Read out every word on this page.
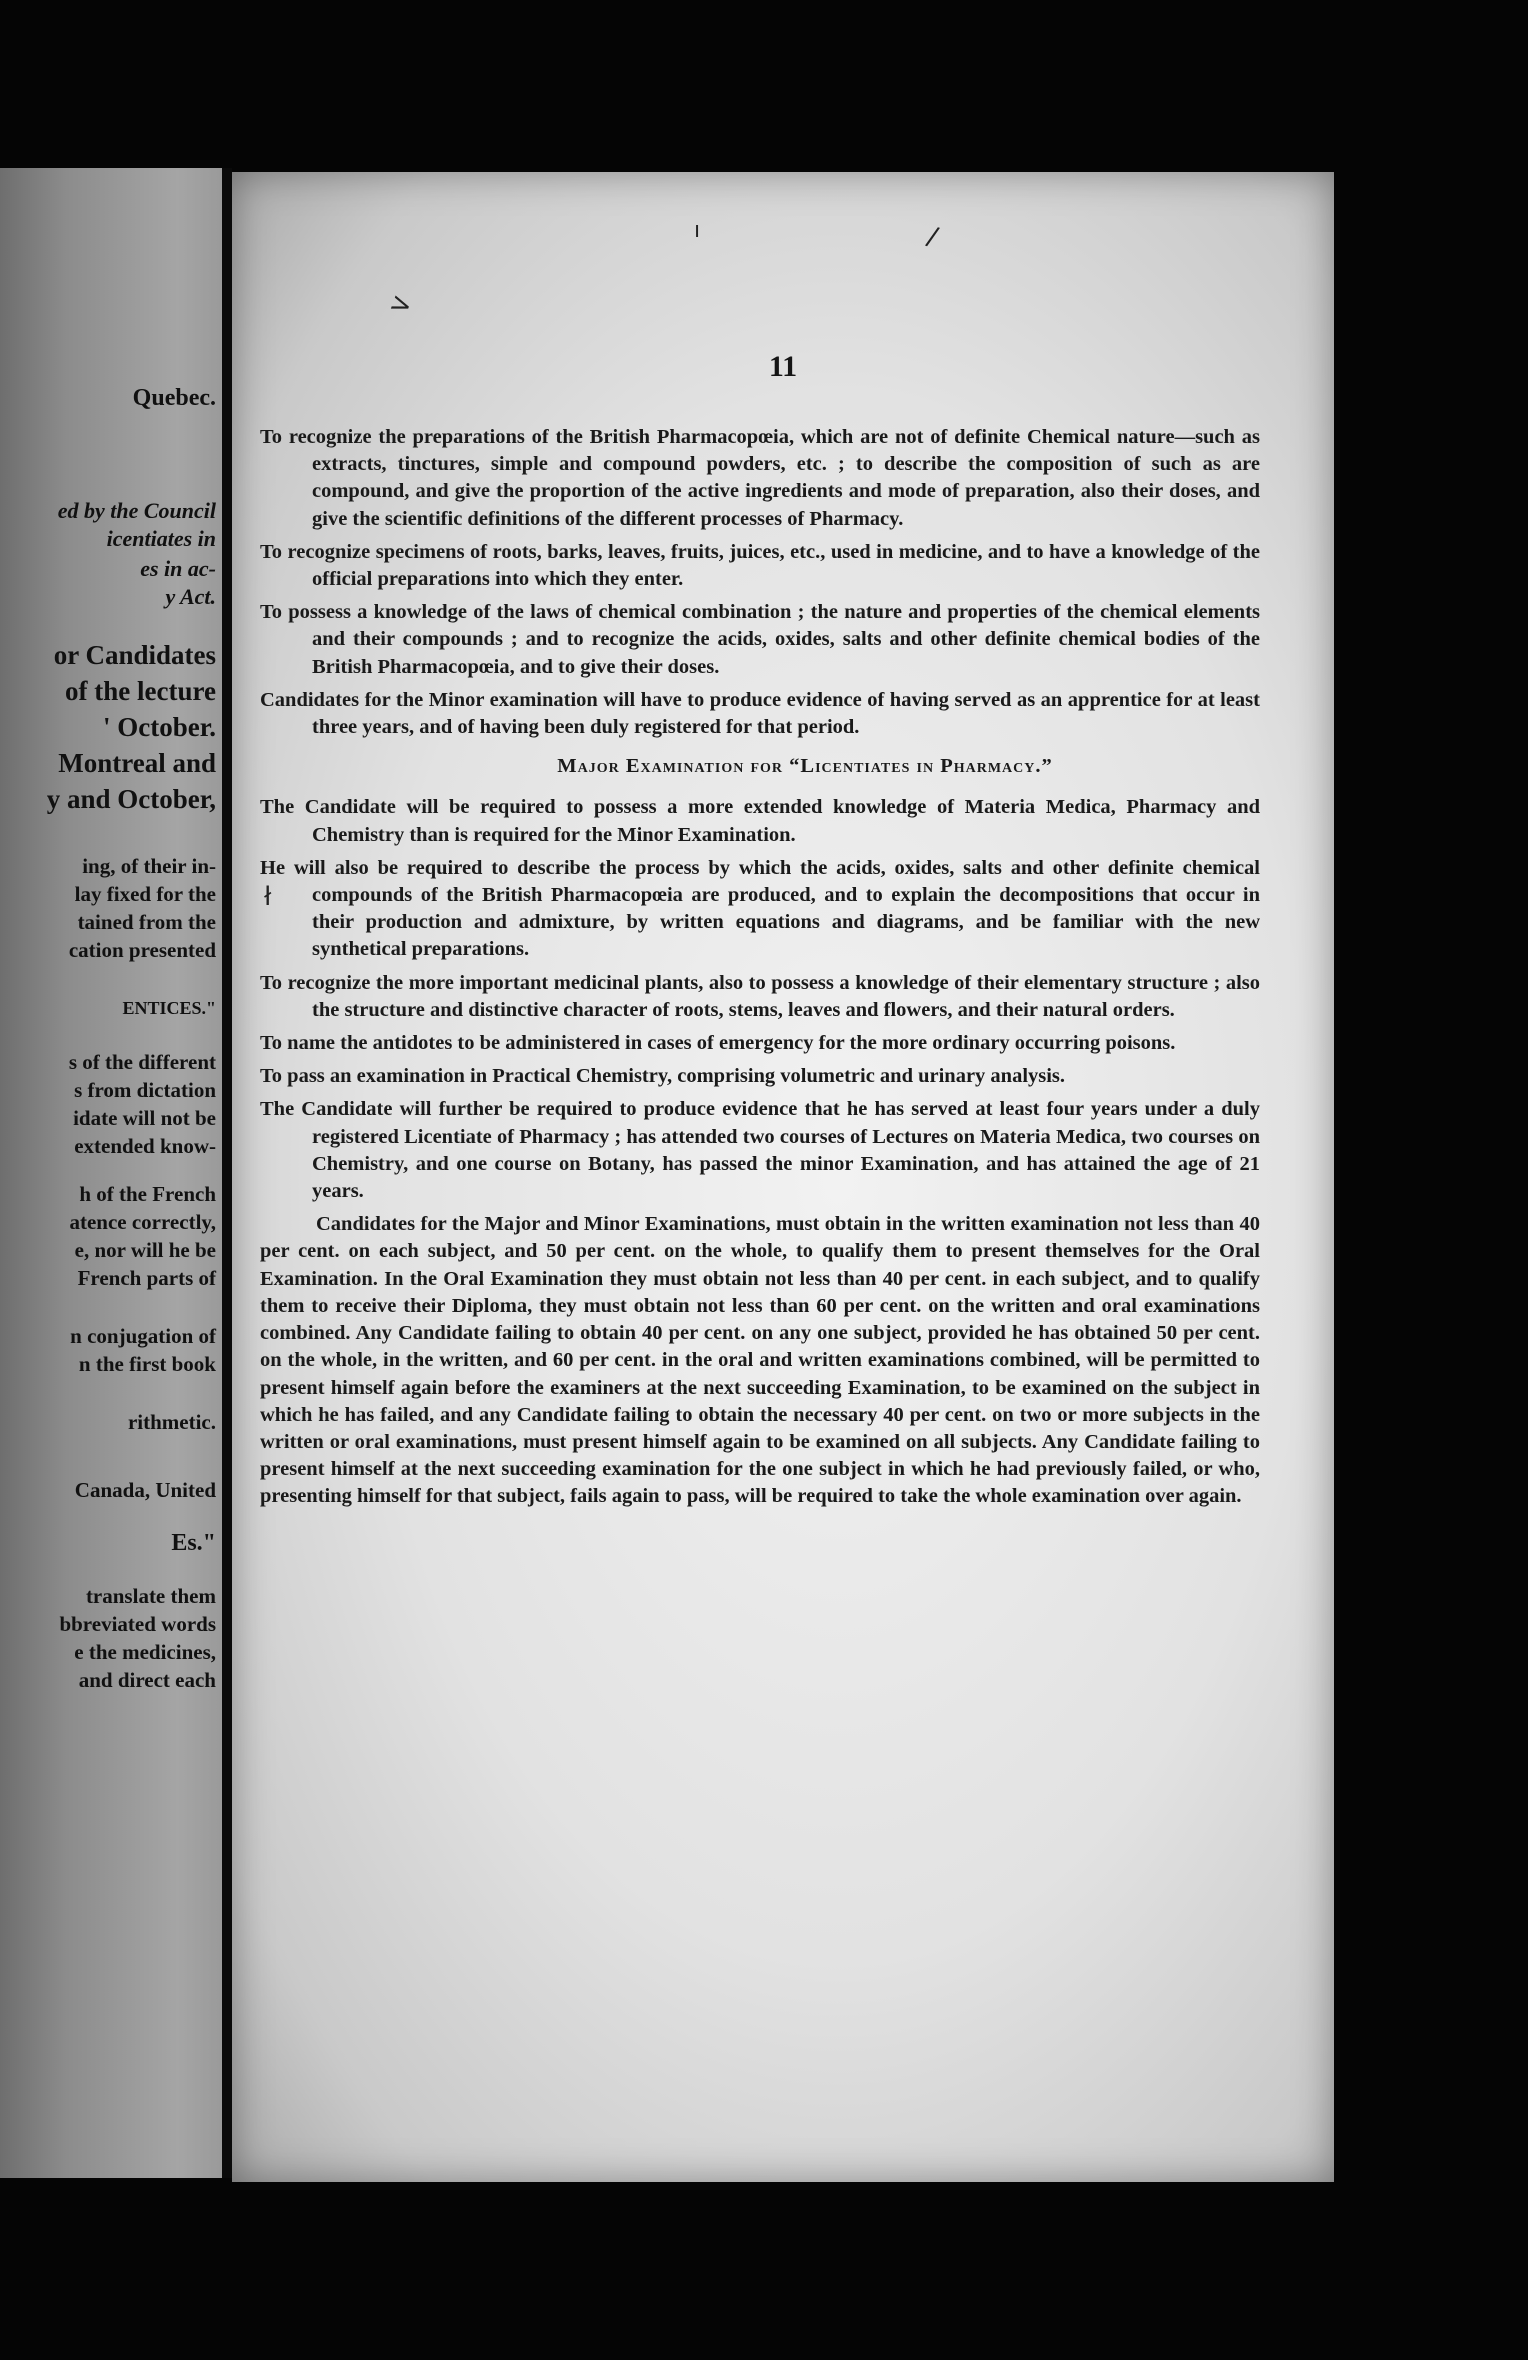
Quebec.
ed by the Council
icentiates in
es in ac-
y Act.
or Candidates
of the lecture
' October.
Montreal and
y and October,
ing, of their in-
lay fixed for the
tained from the
cation presented
ENTICES."
s of the different
s from dictation
idate will not be
extended know-
h of the French
atence correctly,
e, nor will he be
French parts of
n conjugation of
n the first book
rithmetic.
Canada, United
Es."
translate them
bbreviated words
e the medicines,
and direct each
11
>
ı	/
ł

To recognize the preparations of the British Pharmacopœia, which are not of definite Chemical nature—such as extracts, tinctures, simple and compound powders, etc. ; to describe the composition of such as are compound, and give the proportion of the active ingredients and mode of preparation, also their doses, and give the scientific definitions of the different processes of Pharmacy.

To recognize specimens of roots, barks, leaves, fruits, juices, etc., used in medicine, and to have a knowledge of the official preparations into which they enter.

To possess a knowledge of the laws of chemical combination ; the nature and properties of the chemical elements and their compounds ; and to recognize the acids, oxides, salts and other definite chemical bodies of the British Pharmacopœia, and to give their doses.

Candidates for the Minor examination will have to produce evidence of having served as an apprentice for at least three years, and of having been duly registered for that period.

Major Examination for “Licentiates in Pharmacy.”

The Candidate will be required to possess a more extended knowledge of Materia Medica, Pharmacy and Chemistry than is required for the Minor Examination.

He will also be required to describe the process by which the acids, oxides, salts and other definite chemical compounds of the British Pharmacopœia are produced, and to explain the decompositions that occur in their production and admixture, by written equations and diagrams, and be familiar with the new synthetical preparations.

To recognize the more important medicinal plants, also to possess a knowledge of their elementary structure ; also the structure and distinctive character of roots, stems, leaves and flowers, and their natural orders.

To name the antidotes to be administered in cases of emergency for the more ordinary occurring poisons.

To pass an examination in Practical Chemistry, comprising volumetric and urinary analysis.

The Candidate will further be required to produce evidence that he has served at least four years under a duly registered Licentiate of Pharmacy ; has attended two courses of Lectures on Materia Medica, two courses on Chemistry, and one course on Botany, has passed the minor Examination, and has attained the age of 21 years.

Candidates for the Major and Minor Examinations, must obtain in the written examination not less than 40 per cent. on each subject, and 50 per cent. on the whole, to qualify them to present themselves for the Oral Examination. In the Oral Examination they must obtain not less than 40 per cent. in each subject, and to qualify them to receive their Diploma, they must obtain not less than 60 per cent. on the written and oral examinations combined. Any Candidate failing to obtain 40 per cent. on any one subject, provided he has obtained 50 per cent. on the whole, in the written, and 60 per cent. in the oral and written examinations combined, will be permitted to present himself again before the examiners at the next succeeding Examination, to be examined on the subject in which he has failed, and any Candidate failing to obtain the necessary 40 per cent. on two or more subjects in the written or oral examinations, must present himself again to be examined on all subjects. Any Candidate failing to present himself at the next succeeding examination for the one subject in which he had previously failed, or who, presenting himself for that subject, fails again to pass, will be required to take the whole examination over again.
